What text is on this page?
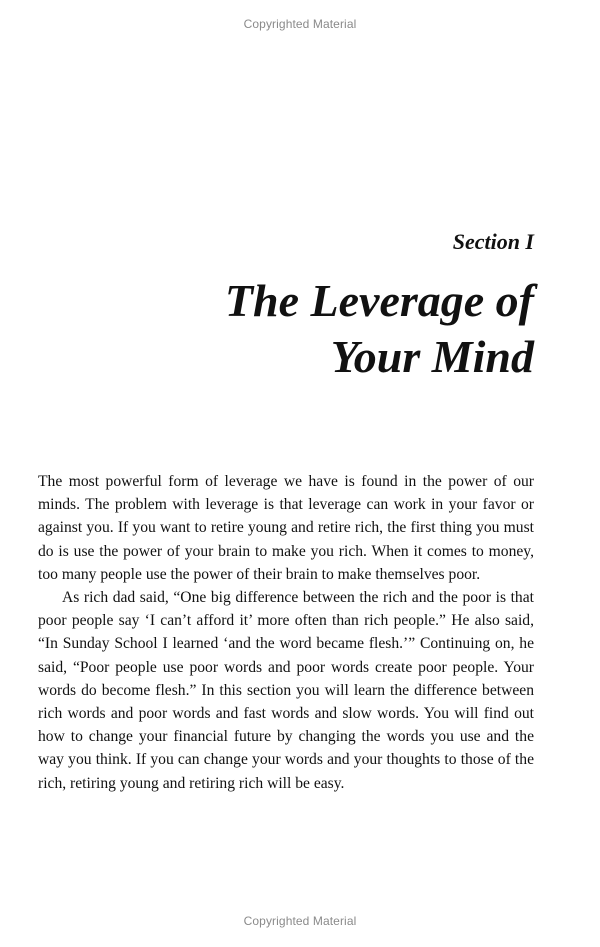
Copyrighted Material
Section I
The Leverage of
Your Mind

The most powerful form of leverage we have is found in the power of our minds. The problem with leverage is that leverage can work in your favor or against you. If you want to retire young and retire rich, the first thing you must do is use the power of your brain to make you rich. When it comes to money, too many people use the power of their brain to make themselves poor.

As rich dad said, “One big difference between the rich and the poor is that poor people say ‘I can’t afford it’ more often than rich people.” He also said, “In Sunday School I learned ‘and the word became flesh.’” Continuing on, he said, “Poor people use poor words and poor words create poor people. Your words do become flesh.” In this section you will learn the difference between rich words and poor words and fast words and slow words. You will find out how to change your financial future by changing the words you use and the way you think. If you can change your words and your thoughts to those of the rich, retiring young and retiring rich will be easy.

Copyrighted Material
